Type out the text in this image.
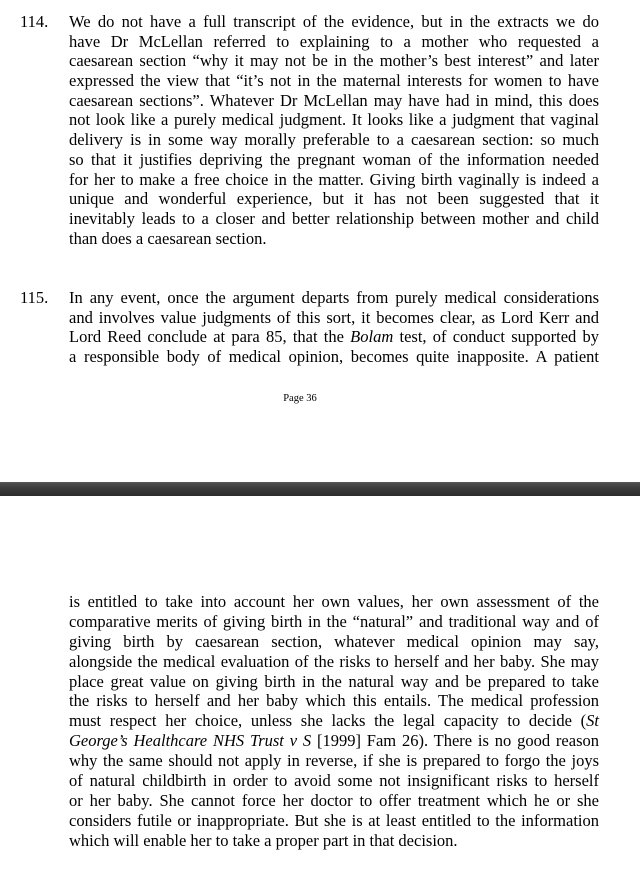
114.	We do not have a full transcript of the evidence, but in the extracts we do
have Dr McLellan referred to explaining to a mother who requested a
caesarean section “why it may not be in the mother’s best interest” and later
expressed the view that “it’s not in the maternal interests for women to have
caesarean sections”. Whatever Dr McLellan may have had in mind, this does
not look like a purely medical judgment. It looks like a judgment that vaginal
delivery is in some way morally preferable to a caesarean section: so much
so that it justifies depriving the pregnant woman of the information needed
for her to make a free choice in the matter. Giving birth vaginally is indeed a
unique and wonderful experience, but it has not been suggested that it
inevitably leads to a closer and better relationship between mother and child
than does a caesarean section.
115.	In any event, once the argument departs from purely medical considerations
and involves value judgments of this sort, it becomes clear, as Lord Kerr and
Lord Reed conclude at para 85, that the Bolam test, of conduct supported by
a responsible body of medical opinion, becomes quite inapposite. A patient
Page 36
is entitled to take into account her own values, her own assessment of the
comparative merits of giving birth in the “natural” and traditional way and of
giving birth by caesarean section, whatever medical opinion may say,
alongside the medical evaluation of the risks to herself and her baby. She may
place great value on giving birth in the natural way and be prepared to take
the risks to herself and her baby which this entails. The medical profession
must respect her choice, unless she lacks the legal capacity to decide (St
George’s Healthcare NHS Trust v S [1999] Fam 26). There is no good reason
why the same should not apply in reverse, if she is prepared to forgo the joys
of natural childbirth in order to avoid some not insignificant risks to herself
or her baby. She cannot force her doctor to offer treatment which he or she
considers futile or inappropriate. But she is at least entitled to the information
which will enable her to take a proper part in that decision.
